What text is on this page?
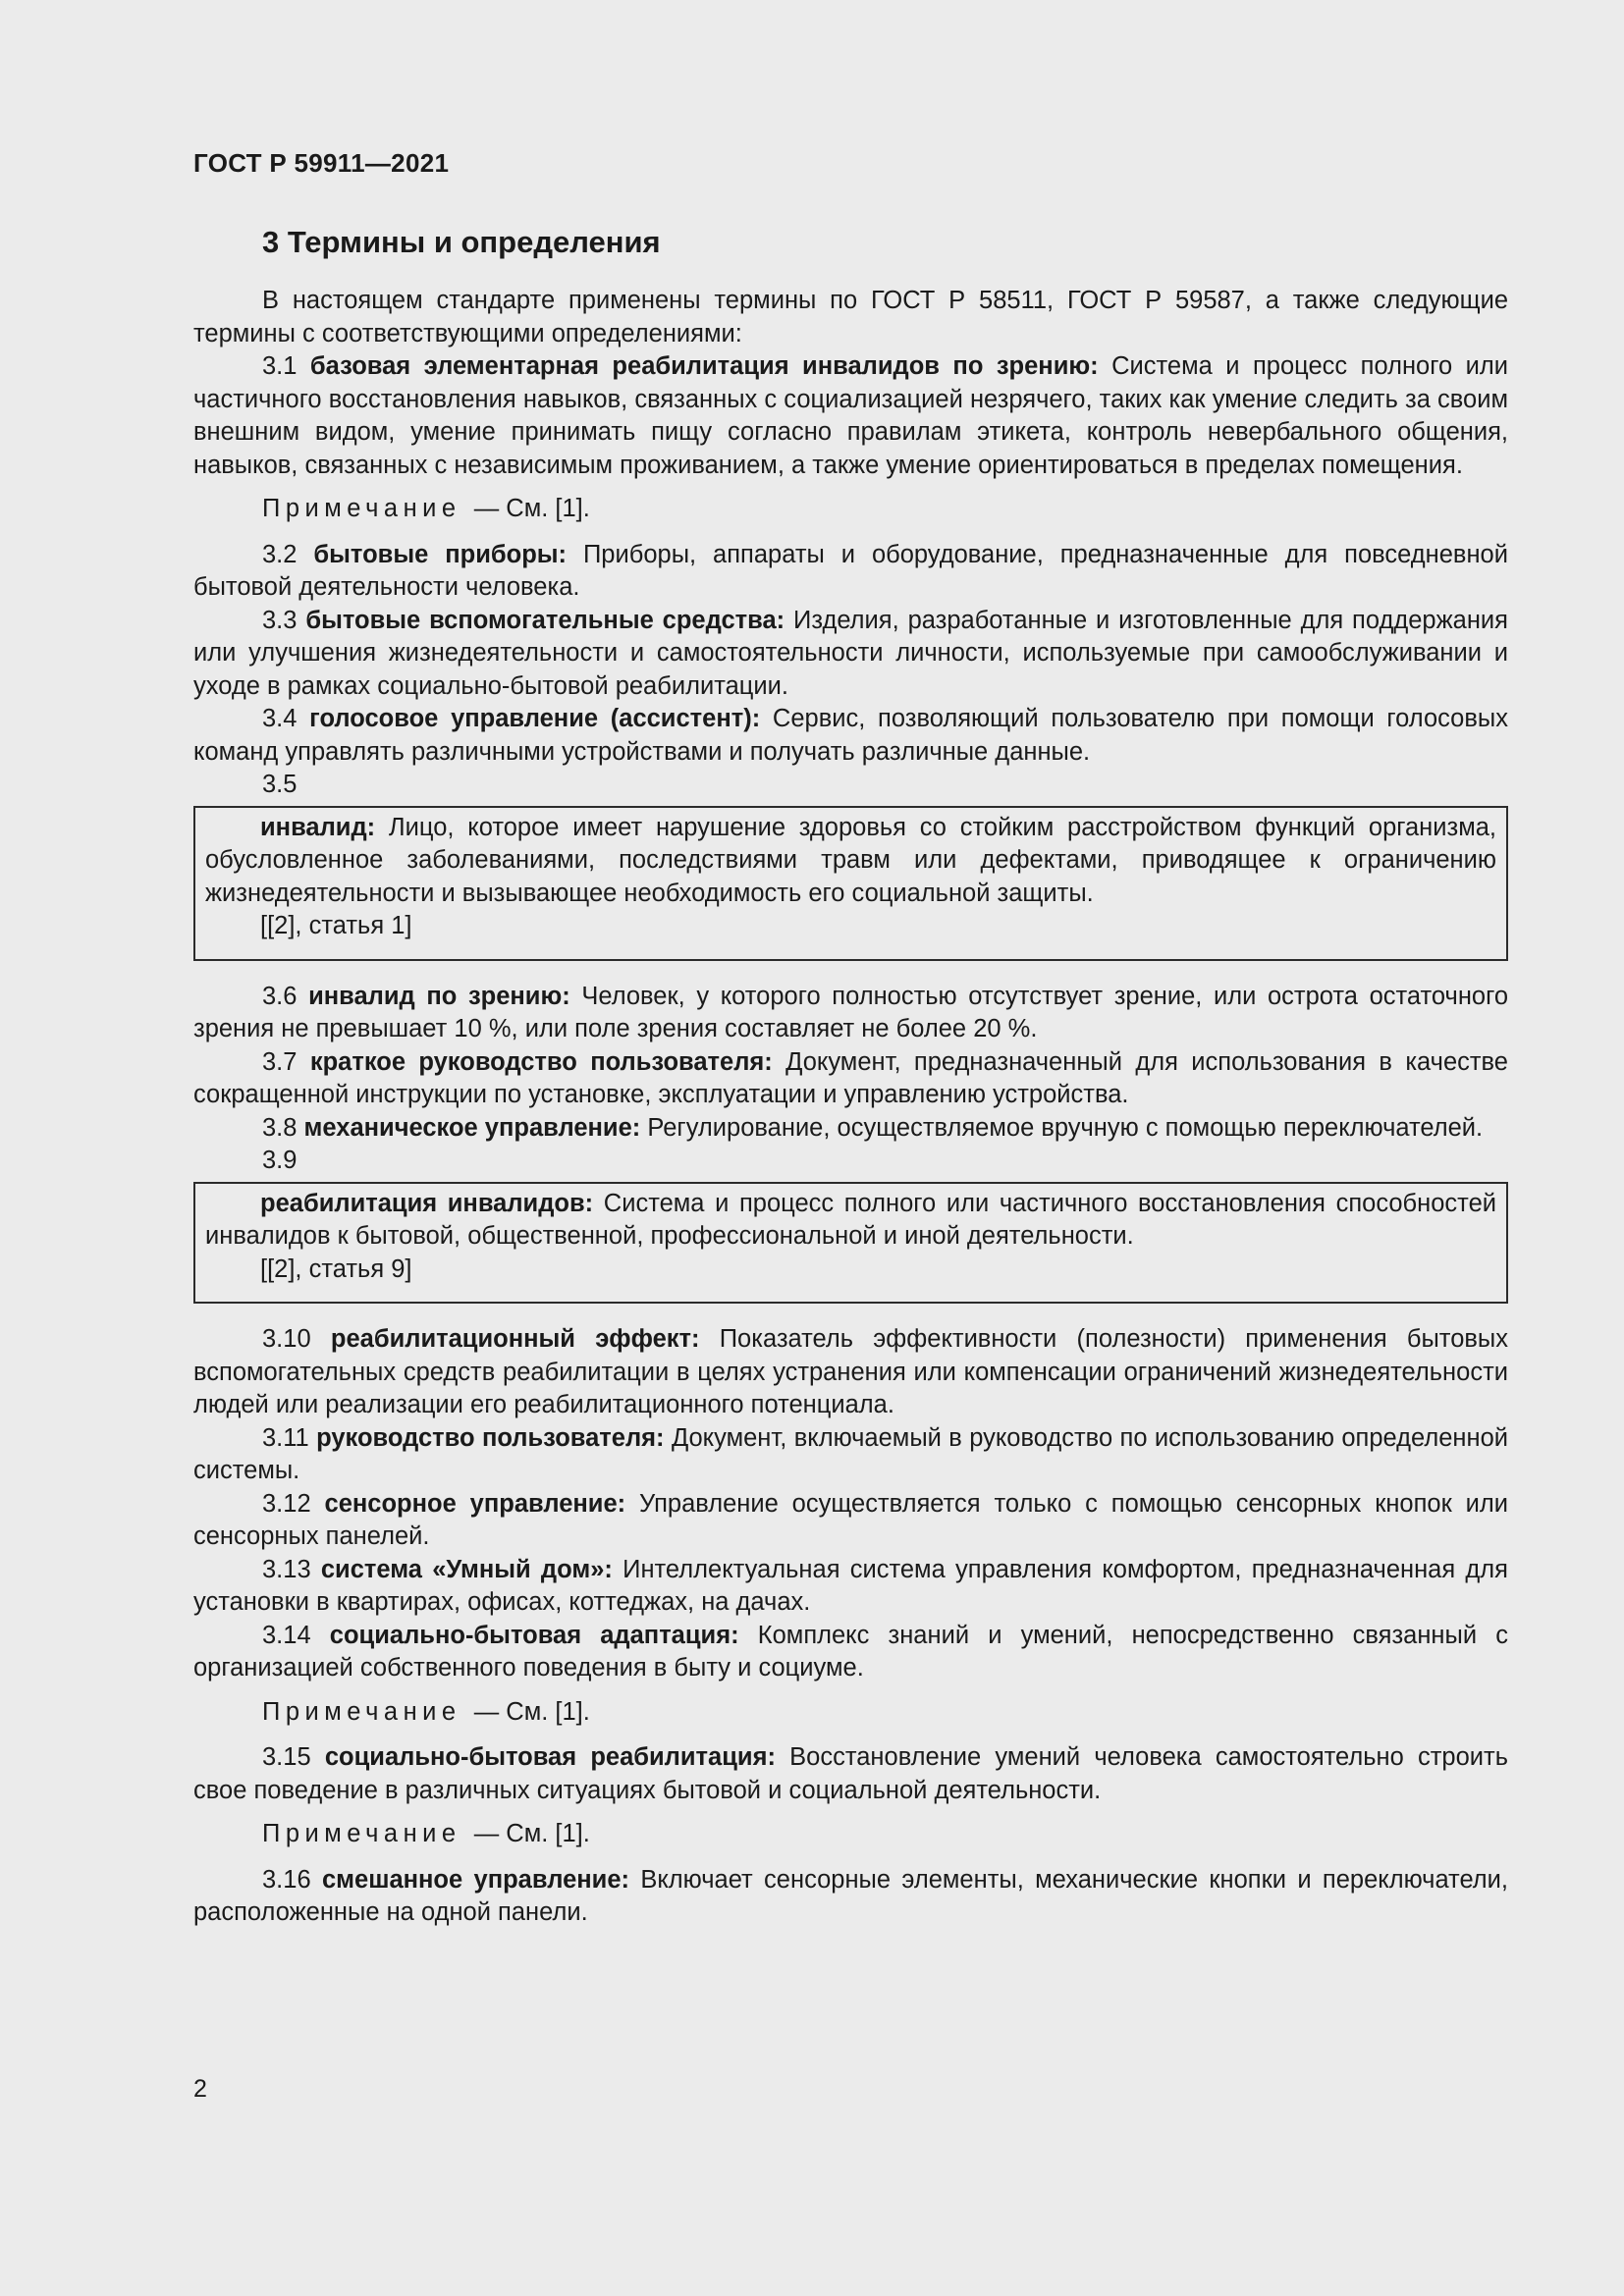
ГОСТ Р 59911—2021
3 Термины и определения

В настоящем стандарте применены термины по ГОСТ Р 58511, ГОСТ Р 59587, а также следующие термины с соответствующими определениями:

3.1 базовая элементарная реабилитация инвалидов по зрению: Система и процесс полного или частичного восстановления навыков, связанных с социализацией незрячего, таких как умение следить за своим внешним видом, умение принимать пищу согласно правилам этикета, контроль невербального общения, навыков, связанных с независимым проживанием, а также умение ориентироваться в пределах помещения.

Примечание — См. [1].

3.2 бытовые приборы: Приборы, аппараты и оборудование, предназначенные для повседневной бытовой деятельности человека.

3.3 бытовые вспомогательные средства: Изделия, разработанные и изготовленные для поддержания или улучшения жизнедеятельности и самостоятельности личности, используемые при самообслуживании и уходе в рамках социально-бытовой реабилитации.

3.4 голосовое управление (ассистент): Сервис, позволяющий пользователю при помощи голосовых команд управлять различными устройствами и получать различные данные.

3.5

инвалид: Лицо, которое имеет нарушение здоровья со стойким расстройством функций организма, обусловленное заболеваниями, последствиями травм или дефектами, приводящее к ограничению жизнедеятельности и вызывающее необходимость его социальной защиты.

[[2], статья 1]

3.6 инвалид по зрению: Человек, у которого полностью отсутствует зрение, или острота остаточного зрения не превышает 10 %, или поле зрения составляет не более 20 %.

3.7 краткое руководство пользователя: Документ, предназначенный для использования в качестве сокращенной инструкции по установке, эксплуатации и управлению устройства.

3.8 механическое управление: Регулирование, осуществляемое вручную с помощью переключателей.

3.9

реабилитация инвалидов: Система и процесс полного или частичного восстановления способностей инвалидов к бытовой, общественной, профессиональной и иной деятельности.

[[2], статья 9]

3.10 реабилитационный эффект: Показатель эффективности (полезности) применения бытовых вспомогательных средств реабилитации в целях устранения или компенсации ограничений жизнедеятельности людей или реализации его реабилитационного потенциала.

3.11 руководство пользователя: Документ, включаемый в руководство по использованию определенной системы.

3.12 сенсорное управление: Управление осуществляется только с помощью сенсорных кнопок или сенсорных панелей.

3.13 система «Умный дом»: Интеллектуальная система управления комфортом, предназначенная для установки в квартирах, офисах, коттеджах, на дачах.

3.14 социально-бытовая адаптация: Комплекс знаний и умений, непосредственно связанный с организацией собственного поведения в быту и социуме.

Примечание — См. [1].

3.15 социально-бытовая реабилитация: Восстановление умений человека самостоятельно строить свое поведение в различных ситуациях бытовой и социальной деятельности.

Примечание — См. [1].

3.16 смешанное управление: Включает сенсорные элементы, механические кнопки и переключатели, расположенные на одной панели.

2
